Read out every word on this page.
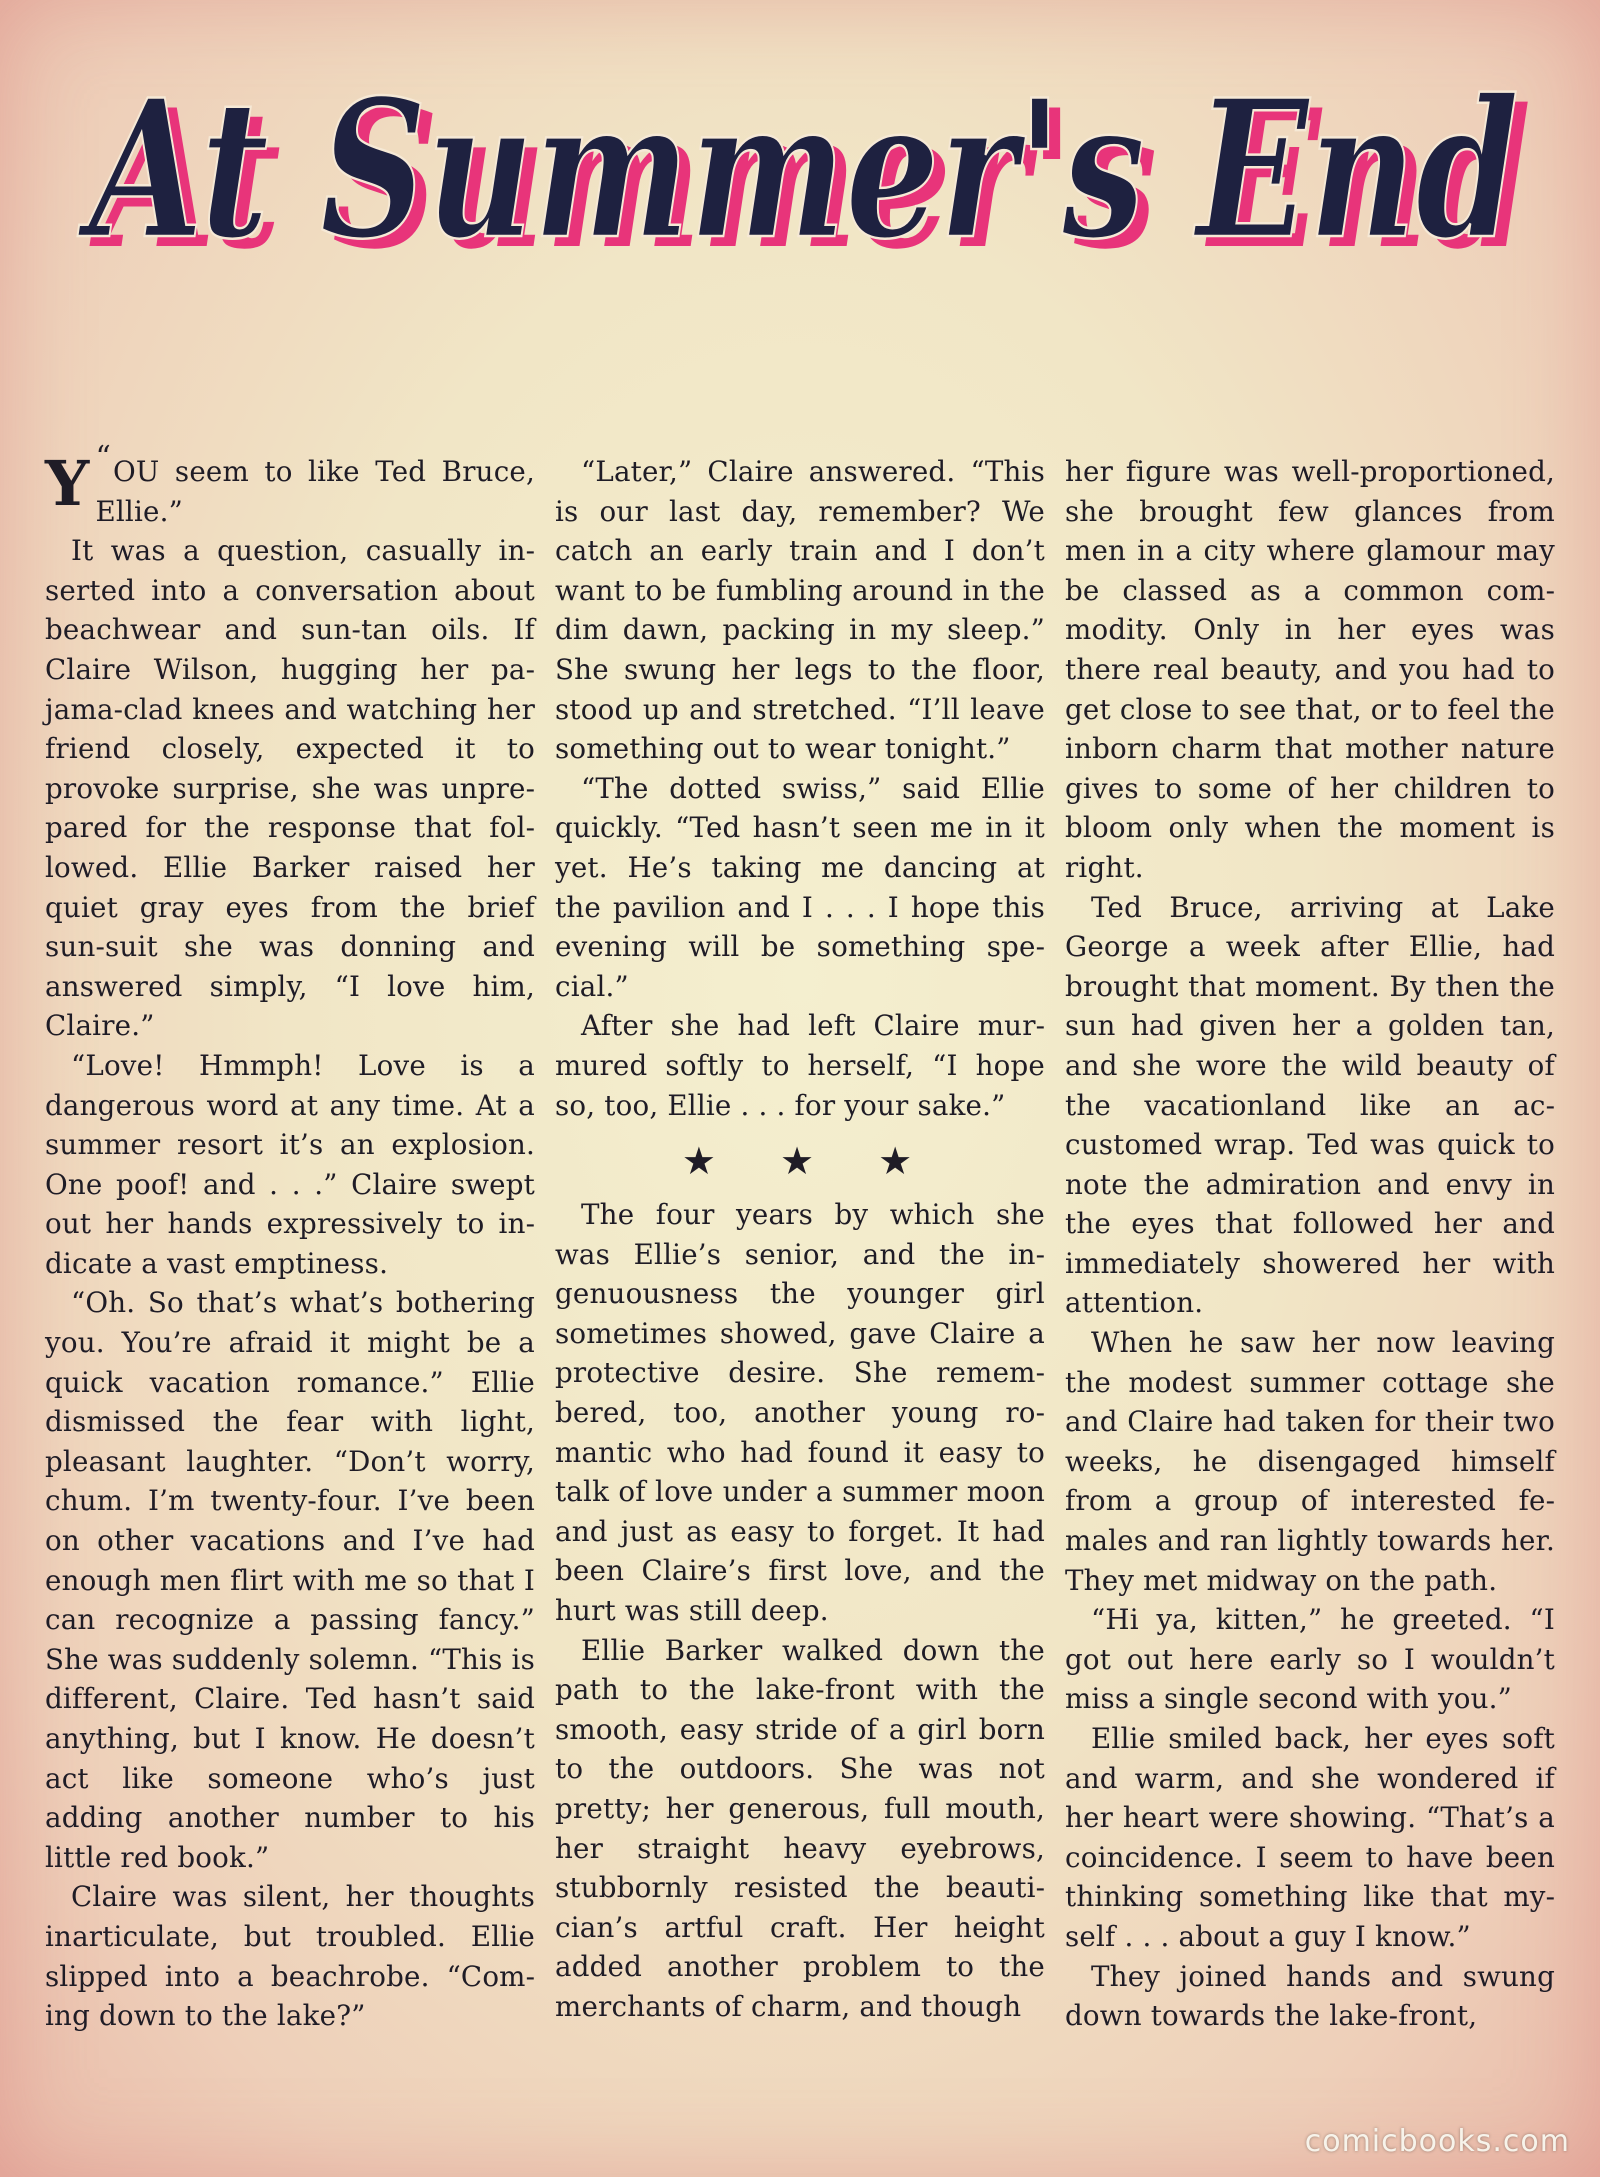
At Summer's End
At Summer's End

“
Y OU seem to like Ted Bruce, Ellie.”

It was a question, casually inserted into a conversation about beachwear and sun-tan oils. If Claire Wilson, hugging her pajama-clad knees and watching her friend closely, expected it to provoke surprise, she was unprepared for the response that followed. Ellie Barker raised her quiet gray eyes from the brief sun-suit she was donning and answered simply, “I love him, Claire.”

“Love! Hmmph! Love is a dangerous word at any time. At a summer resort it’s an explosion. One poof! and . . .” Claire swept out her hands expressively to indicate a vast emptiness.

“Oh. So that’s what’s bothering you. You’re afraid it might be a quick vacation romance.” Ellie dismissed the fear with light, pleasant laughter. “Don’t worry, chum. I’m twenty-four. I’ve been on other vacations and I’ve had enough men flirt with me so that I can recognize a passing fancy.” She was suddenly solemn. “This is different, Claire. Ted hasn’t said anything, but I know. He doesn’t act like someone who’s just adding another number to his little red book.”

Claire was silent, her thoughts inarticulate, but troubled. Ellie slipped into a beachrobe. “Coming down to the lake?”

“Later,” Claire answered. “This is our last day, remember? We catch an early train and I don’t want to be fumbling around in the dim dawn, packing in my sleep.” She swung her legs to the floor, stood up and stretched. “I’ll leave something out to wear tonight.”

“The dotted swiss,” said Ellie quickly. “Ted hasn’t seen me in it yet. He’s taking me dancing at the pavilion and I . . . I hope this evening will be something special.”

After she had left Claire murmured softly to herself, “I hope so, too, Ellie . . . for your sake.”

★ ★ ★

The four years by which she was Ellie’s senior, and the ingenuousness the younger girl sometimes showed, gave Claire a protective desire. She remembered, too, another young romantic who had found it easy to talk of love under a summer moon and just as easy to forget. It had been Claire’s first love, and the hurt was still deep.

Ellie Barker walked down the path to the lake-front with the smooth, easy stride of a girl born to the outdoors. She was not pretty; her generous, full mouth, her straight heavy eyebrows, stubbornly resisted the beautician’s artful craft. Her height added another problem to the merchants of charm, and though

her figure was well-proportioned, she brought few glances from men in a city where glamour may be classed as a common commodity. Only in her eyes was there real beauty, and you had to get close to see that, or to feel the inborn charm that mother nature gives to some of her children to bloom only when the moment is right.

Ted Bruce, arriving at Lake George a week after Ellie, had brought that moment. By then the sun had given her a golden tan, and she wore the wild beauty of the vacationland like an accustomed wrap. Ted was quick to note the admiration and envy in the eyes that followed her and immediately showered her with attention.

When he saw her now leaving the modest summer cottage she and Claire had taken for their two weeks, he disengaged himself from a group of interested females and ran lightly towards her. They met midway on the path.

“Hi ya, kitten,” he greeted. “I got out here early so I wouldn’t miss a single second with you.”

Ellie smiled back, her eyes soft and warm, and she wondered if her heart were showing. “That’s a coincidence. I seem to have been thinking something like that myself . . . about a guy I know.”

They joined hands and swung down towards the lake-front,

comicbooks.com
